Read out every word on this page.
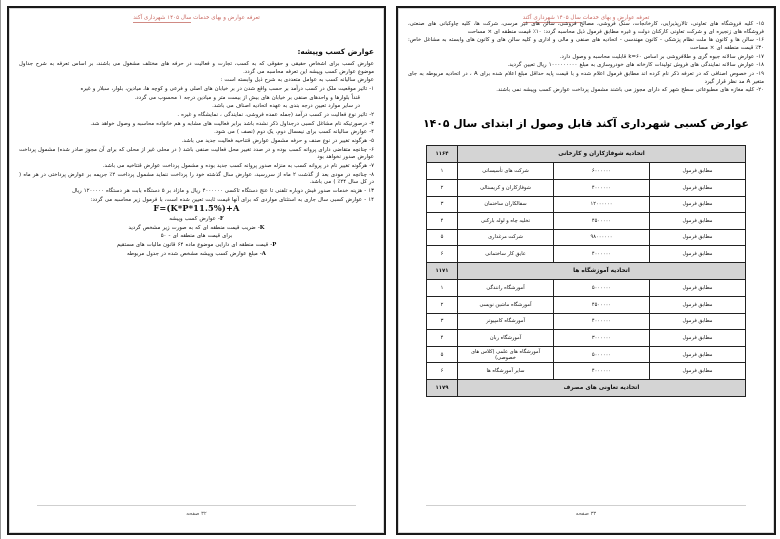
تعرفه عوارض و بهای خدمات سال ۱۴۰۵ شهرداری آکند
عوارض کسب وپیشه:

عوارض کسب برای اشخاص حقیقی و حقوقی که به کسب، تجارت و فعالیت در حرفه های مختلف مشغول می باشند، بر اساس تعرفه به شرح جداول موضوع عوارض کسب وپیشه این تعرفه محاسبه می گردد.

عوارض سالیانه کسب به عوامل متعددی به شرح ذیل وابسته است :

۱- تاثیر موقعیت ملک در کسب درآمد بر حسب واقع شدن در بر خیابان های اصلی و فرعی و کوچه ها، میادین، بلوار، سبلار و غیره

قنداً بلوارها و واحدهای صنفی بر خیابان های بیش از بیست متر و میادین درجه ۱ محسوب می گردد.

در سایر موارد تعیین درجه بندی به عهده اتحادیه اصناف می باشد.

۲- تاثیر نوع فعالیت در کسب درآمد (جمله عمده فروشی، نمایندگی ، نمایشگاه و غیره .

۳- درصورتیکه نام مشاغل کسبی درجداول ذکر نشده باشد برابر فعالیت های مشابه و هم خانواده محاسبه و وصول خواهد شد.

۴- عوارض سالیانه کسب برای نیمسال دوم، یک دوم (نصف ) می شود.

۵- هرگونه تغییر در نوع صنف و حرفه مشمول عوارض قتناحیه فعالیت جدید می باشد.

۶- چنانچه متقاضی دارای پروانه کسب بوده و در صدد تغییر محل فعالیت صنفی باشد ( در محلی غیر از محلی که برای آن مجوز صادر شده) مشمول پرداخت عوارض صدور نخواهد بود

۷- هرگونه تغییر نام در پروانه کسب به منزله صدور پروانه کسب جدید بوده و مشمول پرداخت عوارض قتناخیه می باشد.

۸- چنانچه در مودی بعد از گذشت ۲ ماه از سررسید، عوارض سال گذشته خود را پرداخت ننماید مشمول پرداخت ۲٪ جریمه بر عوارض پرداختی در هر ماه ( در کل سال ۲۴٪ ) می باشد.

۱۳ - هزینه خدمات صدور فیش دوباره تلفنی تا عنج دستگاه تاکسی ۴۰۰۰۰۰۰ ریال و مازاد بر ۵ دستگاه بابت هر دستگاه ۱۲۰۰۰۰۰ ریال

۱۴ - عوارض کسبی سال جاری به استثنای مواردی که برای آنها قیمت ثابت تعیین شده است، با فرمول زیر محاسبه می گردد:

F=(K*P*11.5%)+A

F- عوارض کسب وپیشه

K- ضریب قیمت منطقه ای که به صورت زیر مشخص گردید

برای قیمت های منطقه ای - ۵۰

P- قیمت منطقه ای دارایی موضوع ماده ۶۴ قانون مالیات های مستقیم

A- مبلغ عوارض کسب وپیشه مشخص شده در جدول مربوطه

۳۲ صفحه
تعرفه عوارض و بهای خدمات سال ۱۴۰۵ شهرداری آکند

۱۵- کلیه فروشگاه های تعاونی، تالارپذیرایی، کارخانجات، سنگ فروشی، مصالح فروشی، سالن های غیر مرسی، شرکت ها، کلیه چاوکبانی های صنعتی، فروشگاه های زنجیره ای و شرکت تعاونی کارکنان دولت و غیره مطابق فرمول ذیل محاسبه گردد: ۱۰٪ قیمت منطقه ای × مساحت

۱۶- سالن ها و کانون ها ملت نظام پزشکی - کانون مهندسی - اتحادیه های صنفی و مالی و اداری و کلیه سالن های و کانون های وابسته به مشاغل خاص: ۳۰٪ قیمت منطقه ای × مساحت

۱۷- عوارض سالانه جیوه گری و طلافروشی بر اساس ۶۰=k قابلیت محاسبه و وصول دارد.

۱۸- عوارض سالانه نمایندگی های فروش تولیدات کارخانه های خودروسازی به مبلغ ۱۰۰۰۰۰۰۰۰۰ ریال تعیین گردید.

۱۹- در خصوص اصنافی که در تعرفه ذکر نام کرده اند مطابق فرمول اعلام شده و با قیمت پایه حداقل مبلغ اعلام شده برای A ، در اتحادیه مربوطه به جای متغیر A مد نظر قرار گیرد

۲۰- کلیه مغازه های مطبوعاتی سطح شهر که دارای مجوز می باشند مشمول پرداخت عوارض کسب وپیشه نمی باشند.

عوارض کسبی شهرداری آکند قابل وصول از ابتدای سال ۱۴۰۵
اتحادیه شوفاژکاران و کارخانی			۱۱۶۴
مطابق فرمول	۶۰۰۰۰۰۰	شرکت های تأسیساتی	۱
مطابق فرمول	۴۰۰۰۰۰۰	شوفاژکاران و کریستالی	۲
مطابق فرمول	۱۲۰۰۰۰۰۰	سفالکاران ساختمان	۳
مطابق فرمول	۴۵۰۰۰۰۰	تخلیه چاه و لوله بازکنی	۴
مطابق فرمول	۹۸۰۰۰۰۰۰	شرکت مرغداری	۵
مطابق فرمول	۴۰۰۰۰۰۰	عایق کار ساختمانی	۶
اتحادیه آموزشگاه ها			۱۱۷۱
مطابق فرمول	۵۰۰۰۰۰۰	آموزشگاه رانندگی	۱
مطابق فرمول	۴۵۰۰۰۰۰	آموزشگاه ماشین نویسی	۲
مطابق فرمول	۴۰۰۰۰۰۰	آموزشگاه کامپیوتر	۳
مطابق فرمول	۳۰۰۰۰۰۰	آموزشگاه زبان	۴
مطابق فرمول	۵۰۰۰۰۰۰	آموزشگاه های علمی (کلاس های خصوصی)	۵
مطابق فرمول	۴۰۰۰۰۰۰	سایر آموزشگاه ها	۶
اتحادیه تعاونی های مصرف			۱۱۷۹
۳۳ صفحه
